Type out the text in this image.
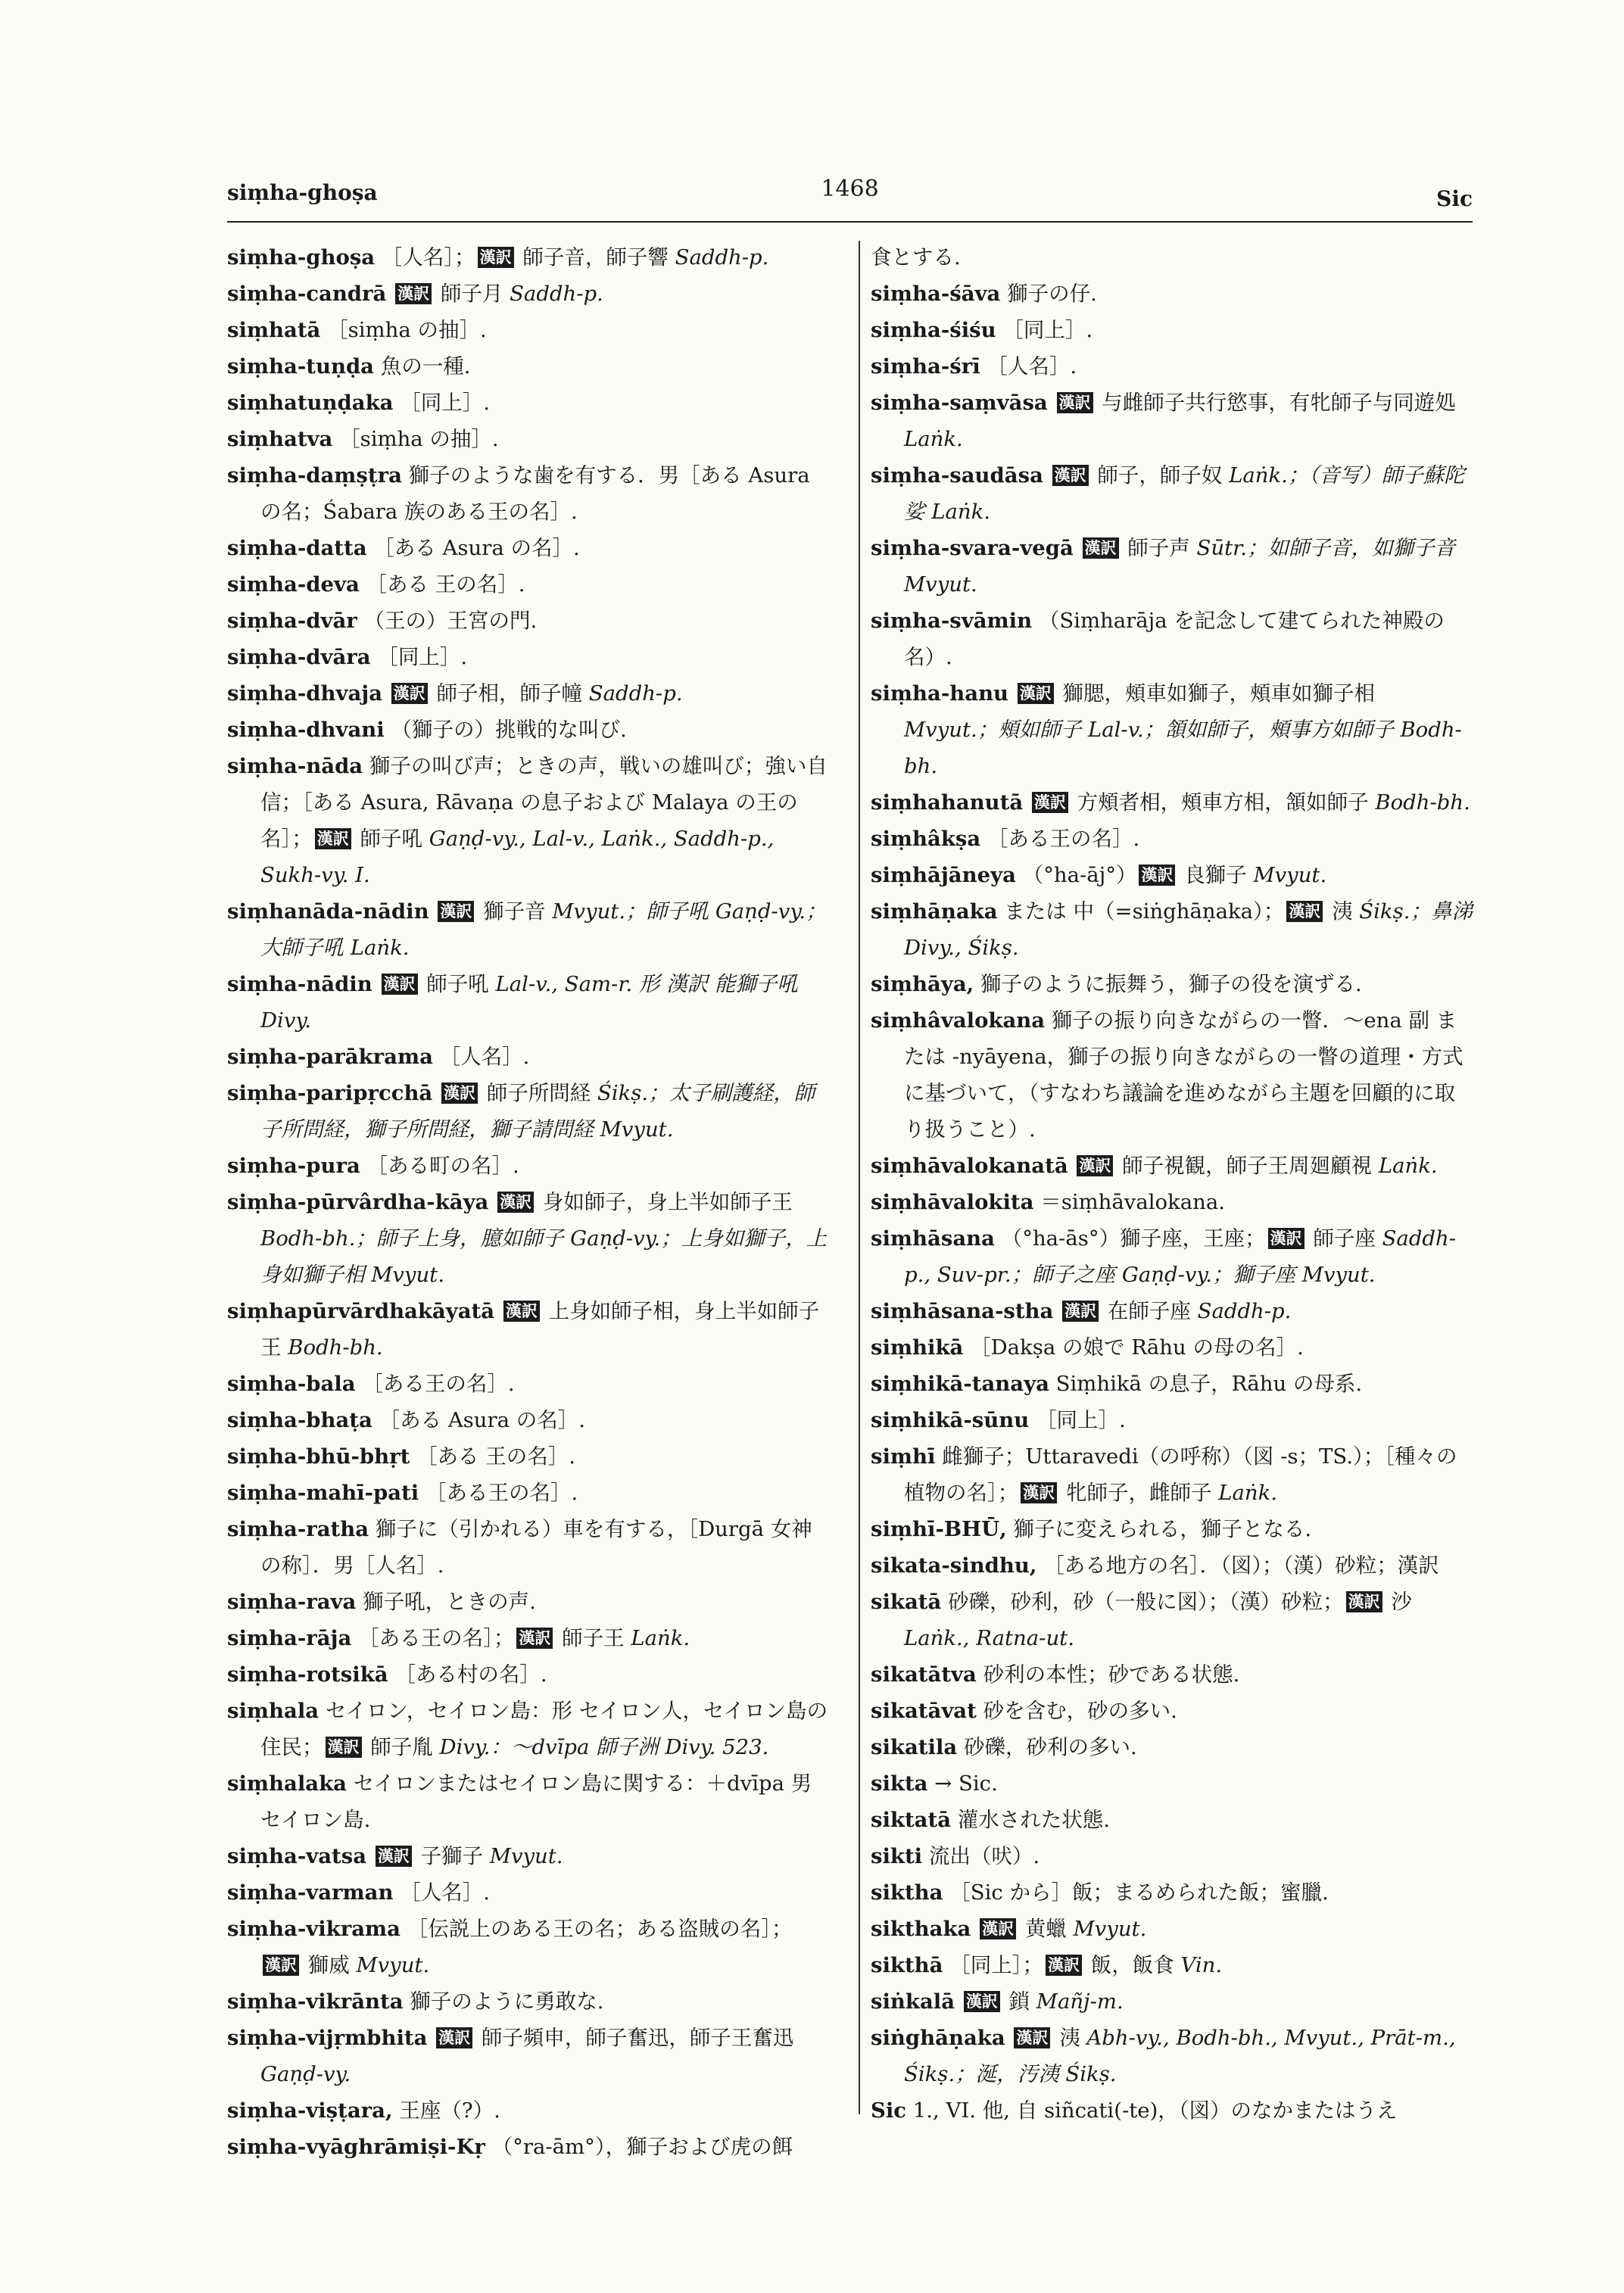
siṃha-ghoṣa	1468	Sic
siṃha-ghoṣa ［人名］； 漢訳 師子音，師子響 Saddh-p.
siṃha-candrā 漢訳 師子月 Saddh-p.
siṃhatā ［siṃha の抽］.
siṃha-tuṇḍa 魚の一種.
siṃhatuṇḍaka ［同上］.
siṃhatva ［siṃha の抽］.
siṃha-daṃṣṭra 獅子のような歯を有する．男［ある Asura の名；Śabara 族のある王の名］.
siṃha-datta ［ある Asura の名］.
siṃha-deva ［ある 王の名］.
siṃha-dvār （王の）王宮の門.
siṃha-dvāra ［同上］.
siṃha-dhvaja 漢訳 師子相，師子幢 Saddh-p.
siṃha-dhvani （獅子の）挑戦的な叫び.
siṃha-nāda 獅子の叫び声；ときの声，戦いの雄叫び；強い自信；［ある Asura, Rāvaṇa の息子および Malaya の王の名］； 漢訳 師子吼 Gaṇḍ-vy., Lal-v., Laṅk., Saddh-p., Sukh-vy. I.
siṃhanāda-nādin 漢訳 獅子音 Mvyut.；師子吼 Gaṇḍ-vy.；大師子吼 Laṅk.
siṃha-nādin 漢訳 師子吼 Lal-v., Sam-r. 形 漢訳 能獅子吼 Divy.
siṃha-parākrama ［人名］.
siṃha-paripṛcchā 漢訳 師子所問経 Śikṣ.；太子刷護経，師子所問経，獅子所問経，獅子請問経 Mvyut.
siṃha-pura ［ある町の名］.
siṃha-pūrvârdha-kāya 漢訳 身如師子，身上半如師子王 Bodh-bh.；師子上身，臆如師子 Gaṇḍ-vy.；上身如獅子，上身如獅子相 Mvyut.
siṃhapūrvārdhakāyatā 漢訳 上身如師子相，身上半如師子王 Bodh-bh.
siṃha-bala ［ある王の名］.
siṃha-bhaṭa ［ある Asura の名］.
siṃha-bhū-bhṛt ［ある 王の名］.
siṃha-mahī-pati ［ある王の名］.
siṃha-ratha 獅子に（引かれる）車を有する，［Durgā 女神の称］．男［人名］.
siṃha-rava 獅子吼，ときの声.
siṃha-rāja ［ある王の名］； 漢訳 師子王 Laṅk.
siṃha-rotsikā ［ある村の名］.
siṃhala セイロン，セイロン島：形 セイロン人，セイロン島の住民； 漢訳 師子胤 Divy.：～dvīpa 師子洲 Divy. 523.
siṃhalaka セイロンまたはセイロン島に関する：＋dvīpa 男 セイロン島.
siṃha-vatsa 漢訳 子獅子 Mvyut.
siṃha-varman ［人名］.
siṃha-vikrama ［伝説上のある王の名；ある盗賊の名］；漢訳 獅威 Mvyut.
siṃha-vikrānta 獅子のように勇敢な.
siṃha-vijṛmbhita 漢訳 師子頻申，師子奮迅，師子王奮迅 Gaṇḍ-vy.
siṃha-viṣṭara, 王座（?）.
siṃha-vyāghrāmiṣi-Kṛ （°ra-ām°），獅子および虎の餌
食とする.
siṃha-śāva 獅子の仔.
siṃha-śiśu ［同上］.
siṃha-śrī ［人名］.
siṃha-saṃvāsa 漢訳 与雌師子共行慾事，有牝師子与同遊処 Laṅk.
siṃha-saudāsa 漢訳 師子，師子奴 Laṅk.；（音写）師子蘇陀娑 Laṅk.
siṃha-svara-vegā 漢訳 師子声 Sūtr.；如師子音，如獅子音 Mvyut.
siṃha-svāmin （Siṃharāja を記念して建てられた神殿の名）.
siṃha-hanu 漢訳 獅腮，頰車如獅子，頰車如獅子相 Mvyut.；頰如師子 Lal-v.；頷如師子，頰事方如師子 Bodh-bh.
siṃhahanutā 漢訳 方頰者相，頰車方相，頷如師子 Bodh-bh.
siṃhâkṣa ［ある王の名］.
siṃhājāneya （°ha-āj°） 漢訳 良獅子 Mvyut.
siṃhāṇaka または 中（=siṅghāṇaka）； 漢訳 洟 Śikṣ.；鼻涕 Divy., Śikṣ.
siṃhāya, 獅子のように振舞う，獅子の役を演ずる.
siṃhâvalokana 獅子の振り向きながらの一瞥．～ena 副 または -nyāyena，獅子の振り向きながらの一瞥の道理・方式に基づいて，（すなわち議論を進めながら主題を回顧的に取り扱うこと）.
siṃhāvalokanatā 漢訳 師子視観，師子王周廻顧視 Laṅk.
siṃhāvalokita ＝siṃhāvalokana.
siṃhāsana （°ha-ās°）獅子座，王座； 漢訳 師子座 Saddh-p., Suv-pr.；師子之座 Gaṇḍ-vy.；獅子座 Mvyut.
siṃhāsana-stha 漢訳 在師子座 Saddh-p.
siṃhikā ［Dakṣa の娘で Rāhu の母の名］.
siṃhikā-tanaya Siṃhikā の息子，Rāhu の母系.
siṃhikā-sūnu ［同上］.
siṃhī 雌獅子；Uttaravedi（の呼称）（図 -s；TS.）；［種々の植物の名］； 漢訳 牝師子，雌師子 Laṅk.
siṃhī-BHŪ, 獅子に変えられる，獅子となる.
sikata-sindhu, ［ある地方の名］．（図）；（漢）砂粒；漢訳
sikatā 砂礫，砂利，砂（一般に図）；（漢）砂粒； 漢訳 沙 Laṅk., Ratna-ut.
sikatātva 砂利の本性；砂である状態.
sikatāvat 砂を含む，砂の多い.
sikatila 砂礫，砂利の多い.
sikta → Sic.
siktatā 灌水された状態.
sikti 流出（吠）.
siktha ［Sic から］飯；まるめられた飯；蜜臘.
sikthaka 漢訳 黄蠟 Mvyut.
sikthā ［同上］； 漢訳 飯，飯食 Vin.
siṅkalā 漢訳 鎖 Mañj-m.
siṅghāṇaka 漢訳 洟 Abh-vy., Bodh-bh., Mvyut., Prāt-m., Śikṣ.；涎，汚洟 Śikṣ.
Sic 1., VI. 他, 自 siñcati(-te)，（図）のなかまたはうえ
